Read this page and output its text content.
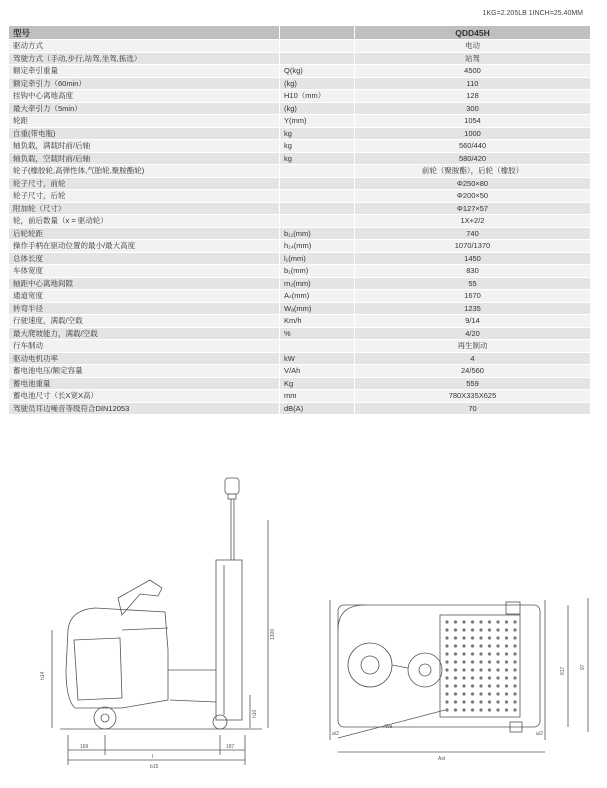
1KG=2.205LB 1INCH=25.40MM
型号		QDD45H
驱动方式		电动
驾驶方式（手动,步行,站驾,坐驾,拣选）		站驾
额定牵引重量	Q(kg)	4500
额定牵引力（60min）	(kg)	110
挂钩中心离地高度	H10（mm）	128
最大牵引力（5min）	(kg)	300
轮距	Y(mm)	1054
自重(带电瓶)	kg	1000
轴负载，满载时前/后轴	kg	560/440
轴负载，空载时前/后轴	kg	580/420
轮子(橡胶轮,高弹性体,气胎轮,聚胺酯轮)		前轮（聚胺酯），后轮（橡胶）
轮子尺寸，前轮		Φ250×80
轮子尺寸，后轮		Φ200×50
附加轮（尺寸）		Φ127×57
轮，前后数量（x = 驱动轮）		1X+2/2
后轮轮距	b₁₁(mm)	740
操作手柄在驱动位置的最小/最大高度	h₁₄(mm)	1070/1370
总体长度	l₁(mm)	1450
车体宽度	b₁(mm)	830
轴距中心离地间隙	m₂(mm)	55
通道宽度	Aₛ(mm)	1670
转弯半径	Wₐ(mm)	1235
行驶速度，满载/空载	Km/h	9/14
最大爬坡能力，满载/空载	%	4/20
行车制动		再生制动
驱动电机功率	kW	4
蓄电池电压/额定容量	V/Ah	24/560
蓄电池重量	Kg	559
蓄电池尺寸（长X宽X高）	mm	780X335X625
驾驶员耳边噪音等级符合DIN12053	dB(A)	70
h14
1300
h10
169
l
187
b15
a/2	a/2
Wa
Ast
817	97
